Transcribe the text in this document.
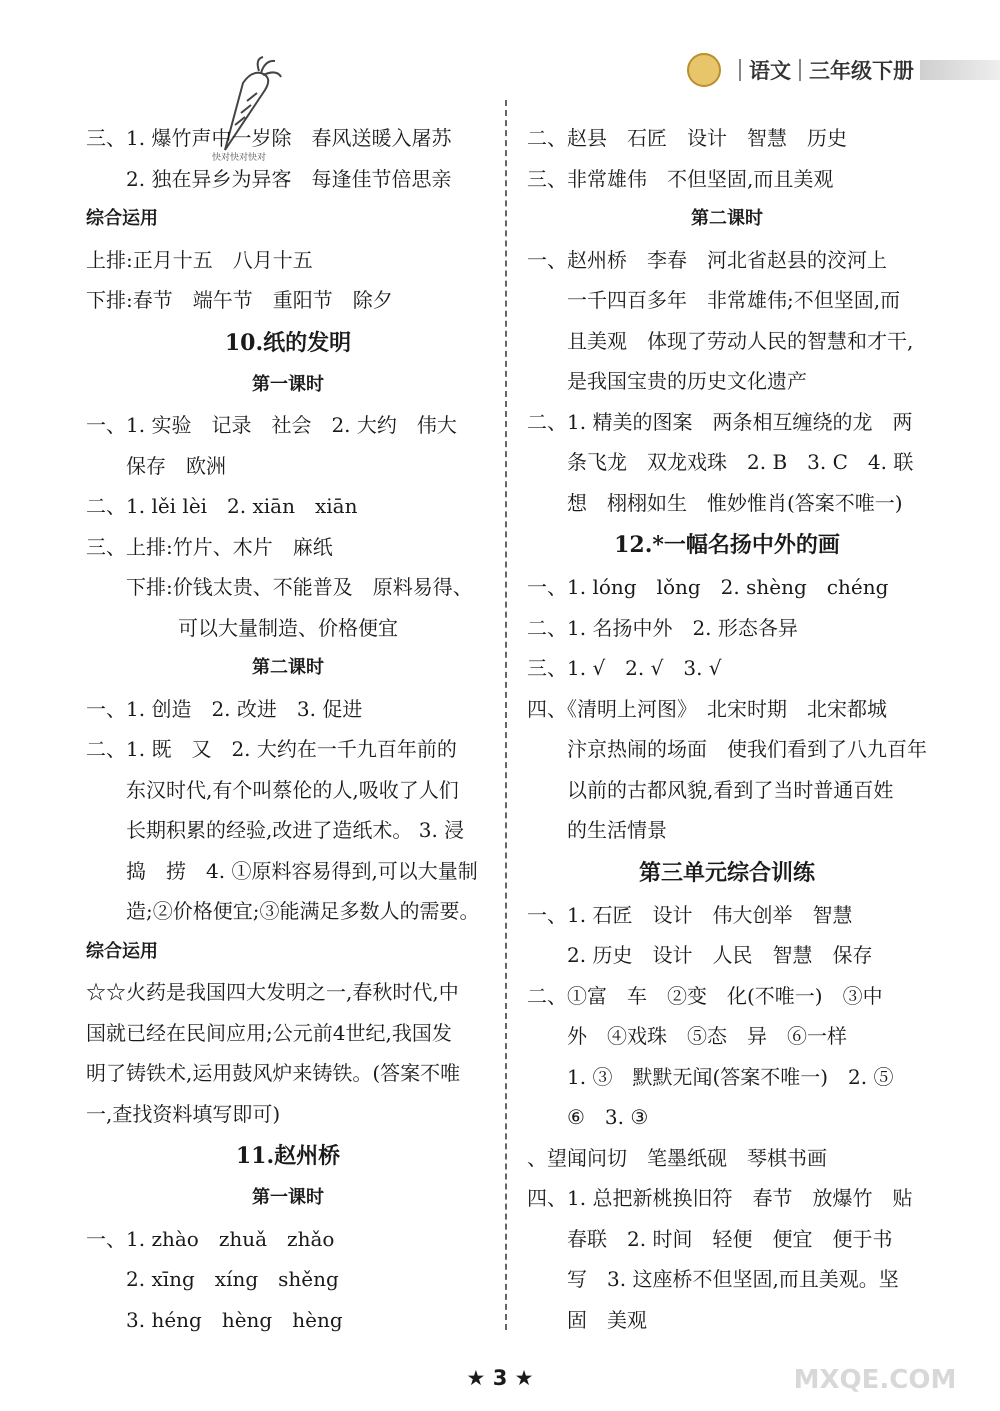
语文 三年级下册
快对快对快对
三、1. 爆竹声中一岁除　春风送暖入屠苏
2. 独在异乡为异客　每逢佳节倍思亲
综合运用
上排:正月十五　八月十五
下排:春节　端午节　重阳节　除夕
10.纸的发明
第一课时
一、1. 实验　记录　社会　2. 大约　伟大
保存　欧洲
二、1. lěi lèi　2. xiān　xiān
三、上排:竹片、木片　麻纸
下排:价钱太贵、不能普及　原料易得、
可以大量制造、价格便宜
第二课时
一、1. 创造　2. 改进　3. 促进
二、1. 既　又　2. 大约在一千九百年前的
东汉时代,有个叫蔡伦的人,吸收了人们
长期积累的经验,改进了造纸术。 3. 浸
捣　捞　4. ①原料容易得到,可以大量制
造;②价格便宜;③能满足多数人的需要。
综合运用
☆☆火药是我国四大发明之一,春秋时代,中
国就已经在民间应用;公元前4世纪,我国发
明了铸铁术,运用鼓风炉来铸铁。(答案不唯
一,查找资料填写即可)
11.赵州桥
第一课时
一、1. zhào　zhuǎ　zhǎo
2. xīng　xíng　shěng
3. héng　hèng　hèng
二、赵县　石匠　设计　智慧　历史
三、非常雄伟　不但坚固,而且美观
第二课时
一、赵州桥　李春　河北省赵县的洨河上
一千四百多年　非常雄伟;不但坚固,而
且美观　体现了劳动人民的智慧和才干,
是我国宝贵的历史文化遗产
二、1. 精美的图案　两条相互缠绕的龙　两
条飞龙　双龙戏珠　2. B　3. C　4. 联
想　栩栩如生　惟妙惟肖(答案不唯一)
12.*一幅名扬中外的画
一、1. lóng　lǒng　2. shèng　chéng
二、1. 名扬中外　2. 形态各异
三、1. √　2. √　3. √
四、《清明上河图》　北宋时期　北宋都城
汴京热闹的场面　使我们看到了八九百年
以前的古都风貌,看到了当时普通百姓
的生活情景
第三单元综合训练
一、1. 石匠　设计　伟大创举　智慧
2. 历史　设计　人民　智慧　保存
二、①富　车　②变　化(不唯一)　③中
外　④戏珠　⑤态　异　⑥一样
1. ③　默默无闻(答案不唯一)　2. ⑤
⑥　3. ③
、望闻问切　笔墨纸砚　琴棋书画
四、1. 总把新桃换旧符　春节　放爆竹　贴
春联　2. 时间　轻便　便宜　便于书
写　3. 这座桥不但坚固,而且美观。坚
固　美观
★ 3 ★	MXQE.COM
